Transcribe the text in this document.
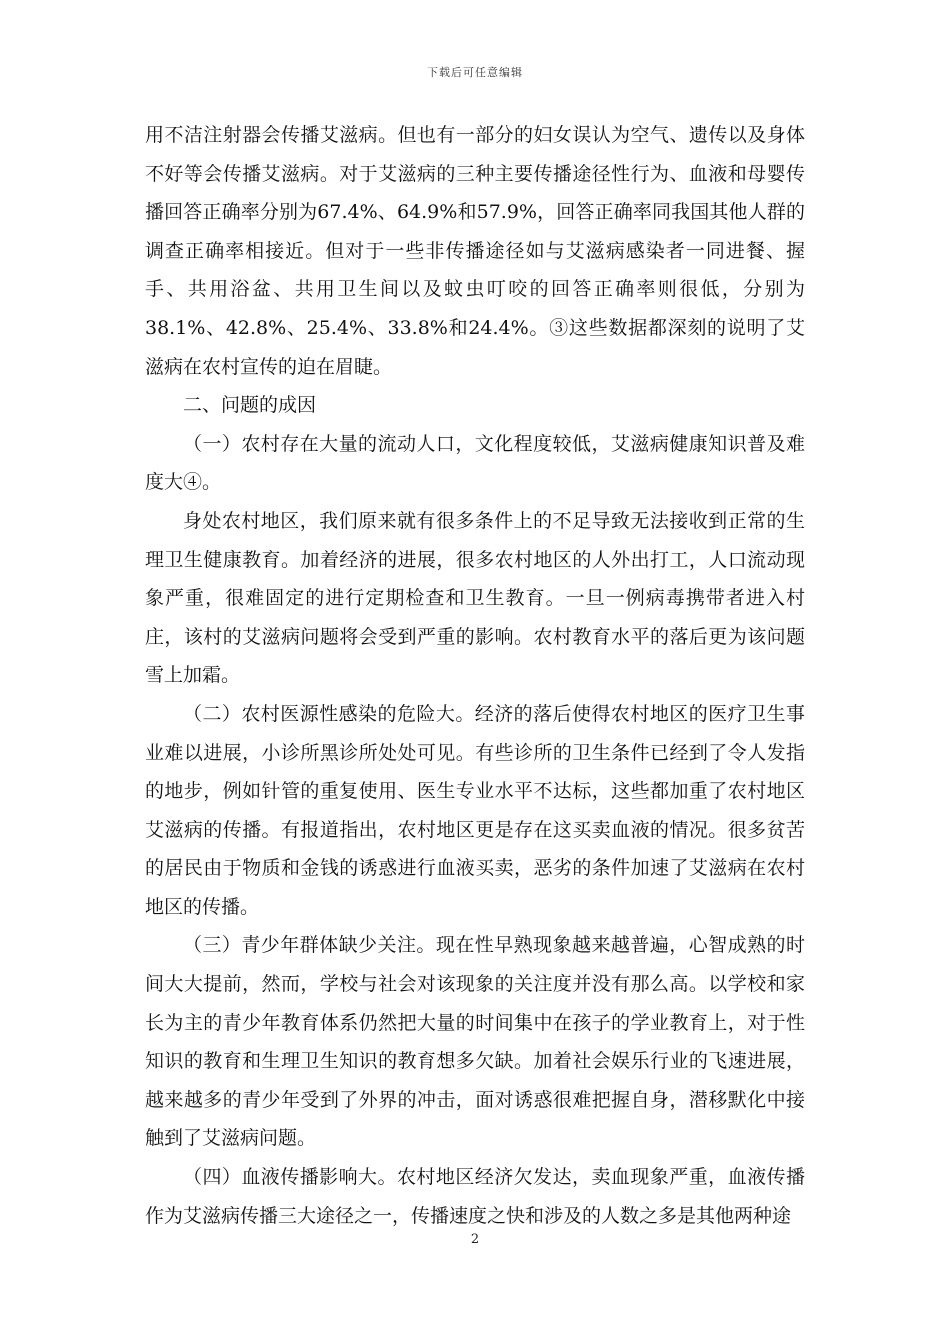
下载后可任意编辑

用不洁注射器会传播艾滋病。但也有一部分的妇女误认为空气、遗传以及身体不好等会传播艾滋病。对于艾滋病的三种主要传播途径性行为、血液和母婴传播回答正确率分别为67.4%、64.9%和57.9%，回答正确率同我国其他人群的调查正确率相接近。但对于一些非传播途径如与艾滋病感染者一同进餐、握手、共用浴盆、共用卫生间以及蚊虫叮咬的回答正确率则很低，分别为38.1%、42.8%、25.4%、33.8%和24.4%。③这些数据都深刻的说明了艾滋病在农村宣传的迫在眉睫。

二、问题的成因

（一）农村存在大量的流动人口，文化程度较低，艾滋病健康知识普及难度大④。

身处农村地区，我们原来就有很多条件上的不足导致无法接收到正常的生理卫生健康教育。加着经济的进展，很多农村地区的人外出打工，人口流动现象严重，很难固定的进行定期检查和卫生教育。一旦一例病毒携带者进入村庄，该村的艾滋病问题将会受到严重的影响。农村教育水平的落后更为该问题雪上加霜。

（二）农村医源性感染的危险大。经济的落后使得农村地区的医疗卫生事业难以进展，小诊所黑诊所处处可见。有些诊所的卫生条件已经到了令人发指的地步，例如针管的重复使用、医生专业水平不达标，这些都加重了农村地区艾滋病的传播。有报道指出，农村地区更是存在这买卖血液的情况。很多贫苦的居民由于物质和金钱的诱惑进行血液买卖，恶劣的条件加速了艾滋病在农村地区的传播。

（三）青少年群体缺少关注。现在性早熟现象越来越普遍，心智成熟的时间大大提前，然而，学校与社会对该现象的关注度并没有那么高。以学校和家长为主的青少年教育体系仍然把大量的时间集中在孩子的学业教育上，对于性知识的教育和生理卫生知识的教育想多欠缺。加着社会娱乐行业的飞速进展，越来越多的青少年受到了外界的冲击，面对诱惑很难把握自身，潜移默化中接触到了艾滋病问题。

（四）血液传播影响大。农村地区经济欠发达，卖血现象严重，血液传播作为艾滋病传播三大途径之一，传播速度之快和涉及的人数之多是其他两种途

2
